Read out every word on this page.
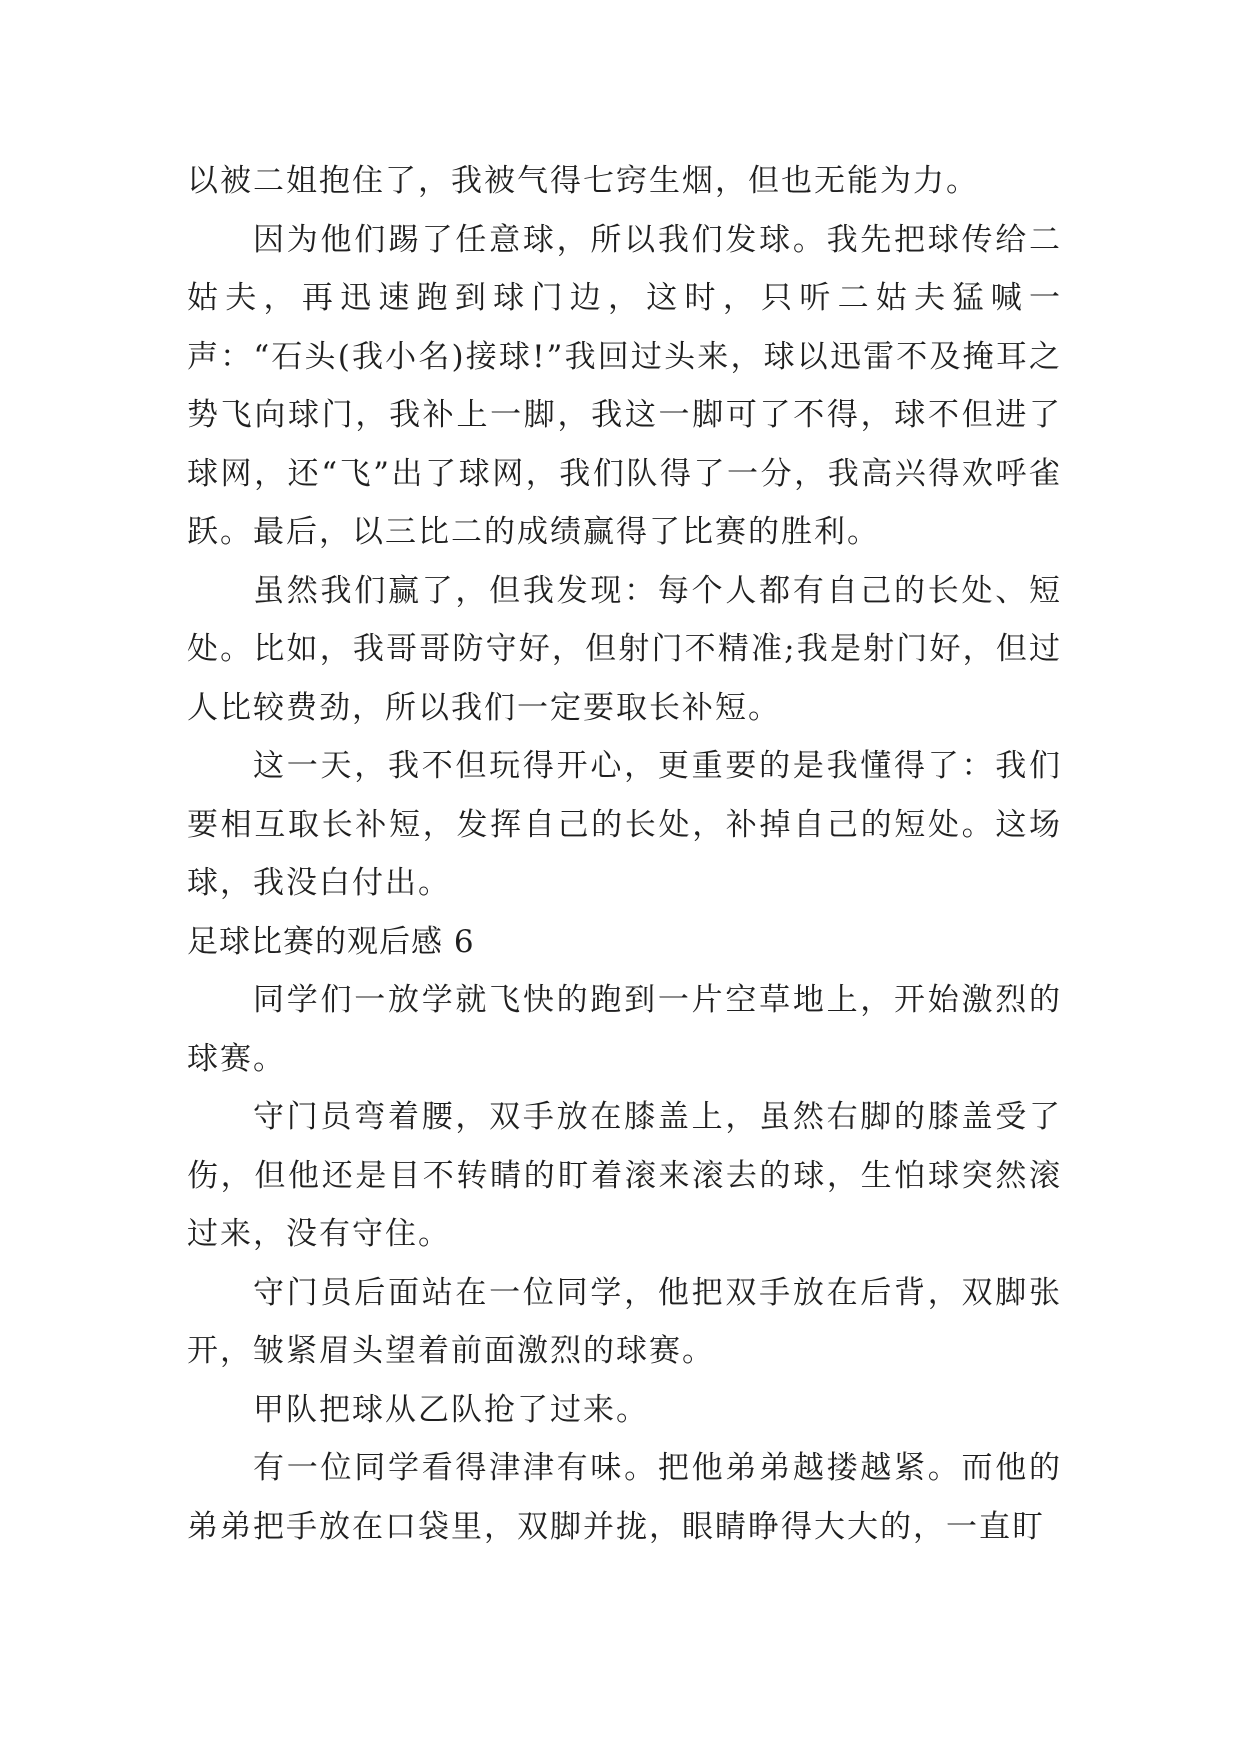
以被二姐抱住了，我被气得七窍生烟，但也无能为力。

因为他们踢了任意球，所以我们发球。我先把球传给二姑夫，再迅速跑到球门边，这时，只听二姑夫猛喊一声：“石头(我小名)接球!”我回过头来，球以迅雷不及掩耳之势飞向球门，我补上一脚，我这一脚可了不得，球不但进了球网，还“飞”出了球网，我们队得了一分，我高兴得欢呼雀跃。最后，以三比二的成绩赢得了比赛的胜利。

虽然我们赢了，但我发现：每个人都有自己的长处、短处。比如，我哥哥防守好，但射门不精准;我是射门好，但过人比较费劲，所以我们一定要取长补短。

这一天，我不但玩得开心，更重要的是我懂得了：我们要相互取长补短，发挥自己的长处，补掉自己的短处。这场球，我没白付出。

足球比赛的观后感 6

同学们一放学就飞快的跑到一片空草地上，开始激烈的球赛。

守门员弯着腰，双手放在膝盖上，虽然右脚的膝盖受了伤，但他还是目不转睛的盯着滚来滚去的球，生怕球突然滚过来，没有守住。

守门员后面站在一位同学，他把双手放在后背，双脚张开，皱紧眉头望着前面激烈的球赛。

甲队把球从乙队抢了过来。

有一位同学看得津津有味。把他弟弟越搂越紧。而他的弟弟把手放在口袋里，双脚并拢，眼睛睁得大大的，一直盯
